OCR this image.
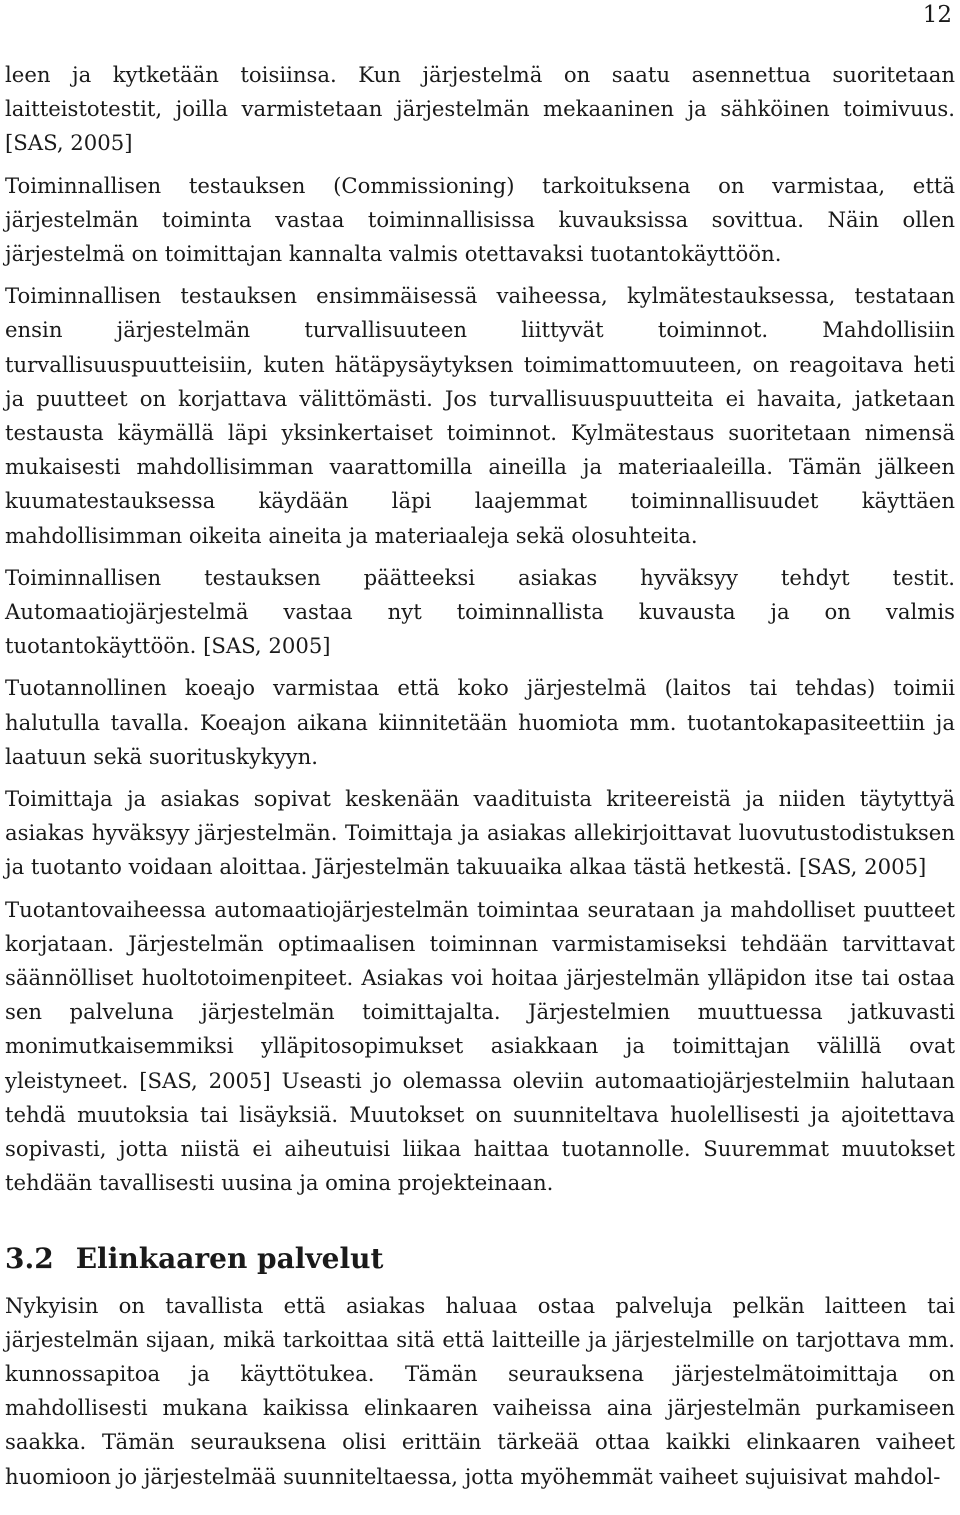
12

leen ja kytketään toisiinsa. Kun järjestelmä on saatu asennettua suoritetaan laitteistotestit, joilla varmistetaan järjestelmän mekaaninen ja sähköinen toimivuus. [SAS, 2005]

Toiminnallisen testauksen (Commissioning) tarkoituksena on varmistaa, että järjestelmän toiminta vastaa toiminnallisissa kuvauksissa sovittua. Näin ollen järjestelmä on toimittajan kannalta valmis otettavaksi tuotantokäyttöön.

Toiminnallisen testauksen ensimmäisessä vaiheessa, kylmätestauksessa, testataan ensin järjestelmän turvallisuuteen liittyvät toiminnot. Mahdollisiin turvallisuuspuutteisiin, kuten hätäpysäytyksen toimimattomuuteen, on reagoitava heti ja puutteet on korjattava välittömästi. Jos turvallisuuspuutteita ei havaita, jatketaan testausta käymällä läpi yksinkertaiset toiminnot. Kylmätestaus suoritetaan nimensä mukaisesti mahdollisimman vaarattomilla aineilla ja materiaaleilla. Tämän jälkeen kuumatestauksessa käydään läpi laajemmat toiminnallisuudet käyttäen mahdollisimman oikeita aineita ja materiaaleja sekä olosuhteita.

Toiminnallisen testauksen päätteeksi asiakas hyväksyy tehdyt testit. Automaatiojärjestelmä vastaa nyt toiminnallista kuvausta ja on valmis tuotantokäyttöön. [SAS, 2005]

Tuotannollinen koeajo varmistaa että koko järjestelmä (laitos tai tehdas) toimii halutulla tavalla. Koeajon aikana kiinnitetään huomiota mm. tuotantokapasiteettiin ja laatuun sekä suorituskykyyn.

Toimittaja ja asiakas sopivat keskenään vaadituista kriteereistä ja niiden täytyttyä asiakas hyväksyy järjestelmän. Toimittaja ja asiakas allekirjoittavat luovutustodistuksen ja tuotanto voidaan aloittaa. Järjestelmän takuuaika alkaa tästä hetkestä. [SAS, 2005]

Tuotantovaiheessa automaatiojärjestelmän toimintaa seurataan ja mahdolliset puutteet korjataan. Järjestelmän optimaalisen toiminnan varmistamiseksi tehdään tarvittavat säännölliset huoltotoimenpiteet. Asiakas voi hoitaa järjestelmän ylläpidon itse tai ostaa sen palveluna järjestelmän toimittajalta. Järjestelmien muuttuessa jatkuvasti monimutkaisemmiksi ylläpitosopimukset asiakkaan ja toimittajan välillä ovat yleistyneet. [SAS, 2005] Useasti jo olemassa oleviin automaatiojärjestelmiin halutaan tehdä muutoksia tai lisäyksiä. Muutokset on suunniteltava huolellisesti ja ajoitettava sopivasti, jotta niistä ei aiheutuisi liikaa haittaa tuotannolle. Suuremmat muutokset tehdään tavallisesti uusina ja omina projekteinaan.

3.2 Elinkaaren palvelut

Nykyisin on tavallista että asiakas haluaa ostaa palveluja pelkän laitteen tai järjestelmän sijaan, mikä tarkoittaa sitä että laitteille ja järjestelmille on tarjottava mm. kunnossapitoa ja käyttötukea. Tämän seurauksena järjestelmätoimittaja on mahdollisesti mukana kaikissa elinkaaren vaiheissa aina järjestelmän purkamiseen saakka. Tämän seurauksena olisi erittäin tärkeää ottaa kaikki elinkaaren vaiheet huomioon jo järjestelmää suunniteltaessa, jotta myöhemmät vaiheet sujuisivat mahdol-
